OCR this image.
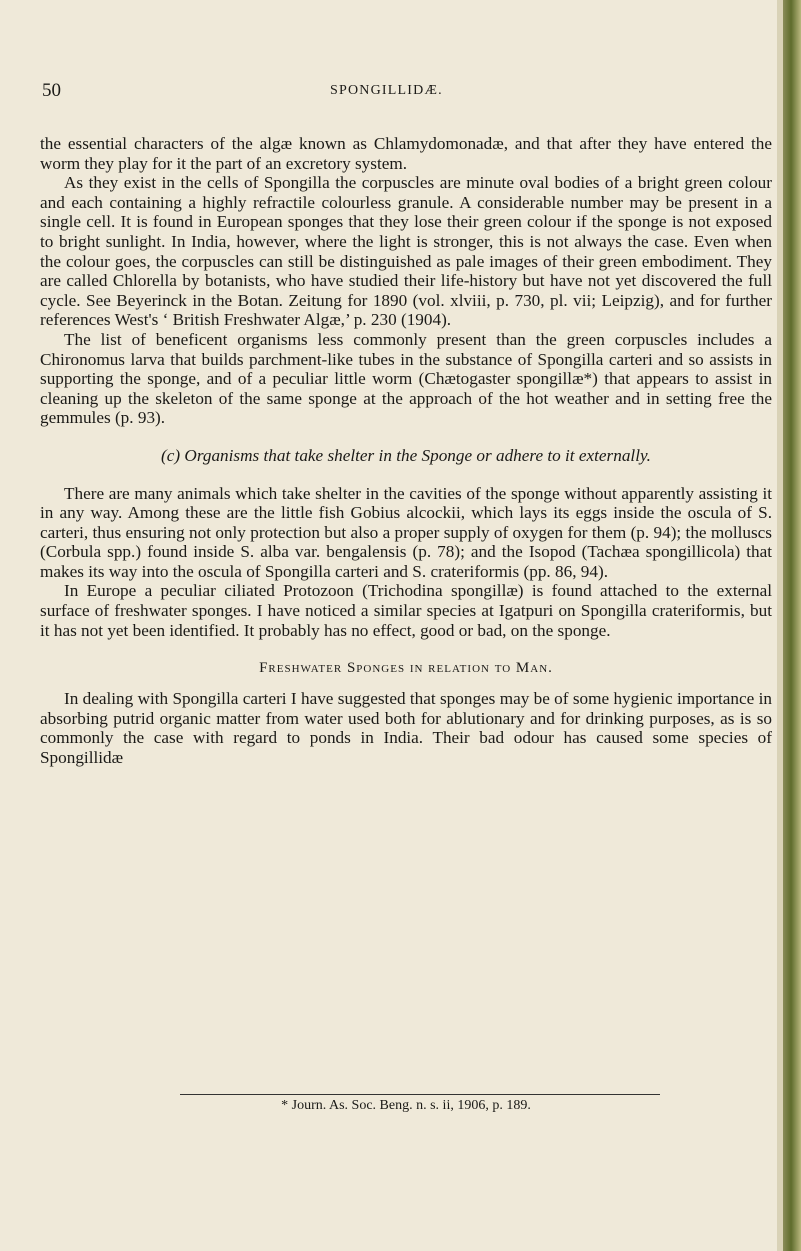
50	SPONGILLIDÆ.

the essential characters of the algæ known as Chlamydomonadæ, and that after they have entered the worm they play for it the part of an excretory system.

As they exist in the cells of Spongilla the corpuscles are minute oval bodies of a bright green colour and each containing a highly refractile colourless granule. A considerable number may be present in a single cell. It is found in European sponges that they lose their green colour if the sponge is not exposed to bright sunlight. In India, however, where the light is stronger, this is not always the case. Even when the colour goes, the corpuscles can still be distinguished as pale images of their green embodiment. They are called Chlorella by botanists, who have studied their life-history but have not yet discovered the full cycle. See Beyerinck in the Botan. Zeitung for 1890 (vol. xlviii, p. 730, pl. vii; Leipzig), and for further references West's ‘ British Freshwater Algæ,’ p. 230 (1904).

The list of beneficent organisms less commonly present than the green corpuscles includes a Chironomus larva that builds parchment-like tubes in the substance of Spongilla carteri and so assists in supporting the sponge, and of a peculiar little worm (Chætogaster spongillæ*) that appears to assist in cleaning up the skeleton of the same sponge at the approach of the hot weather and in setting free the gemmules (p. 93).

(c) Organisms that take shelter in the Sponge or adhere to it externally.

There are many animals which take shelter in the cavities of the sponge without apparently assisting it in any way. Among these are the little fish Gobius alcockii, which lays its eggs inside the oscula of S. carteri, thus ensuring not only protection but also a proper supply of oxygen for them (p. 94); the molluscs (Corbula spp.) found inside S. alba var. bengalensis (p. 78); and the Isopod (Tachæa spongillicola) that makes its way into the oscula of Spongilla carteri and S. crateriformis (pp. 86, 94).

In Europe a peculiar ciliated Protozoon (Trichodina spongillæ) is found attached to the external surface of freshwater sponges. I have noticed a similar species at Igatpuri on Spongilla crateriformis, but it has not yet been identified. It probably has no effect, good or bad, on the sponge.

Freshwater Sponges in relation to Man.

In dealing with Spongilla carteri I have suggested that sponges may be of some hygienic importance in absorbing putrid organic matter from water used both for ablutionary and for drinking purposes, as is so commonly the case with regard to ponds in India. Their bad odour has caused some species of Spongillidæ

* Journ. As. Soc. Beng. n. s. ii, 1906, p. 189.
